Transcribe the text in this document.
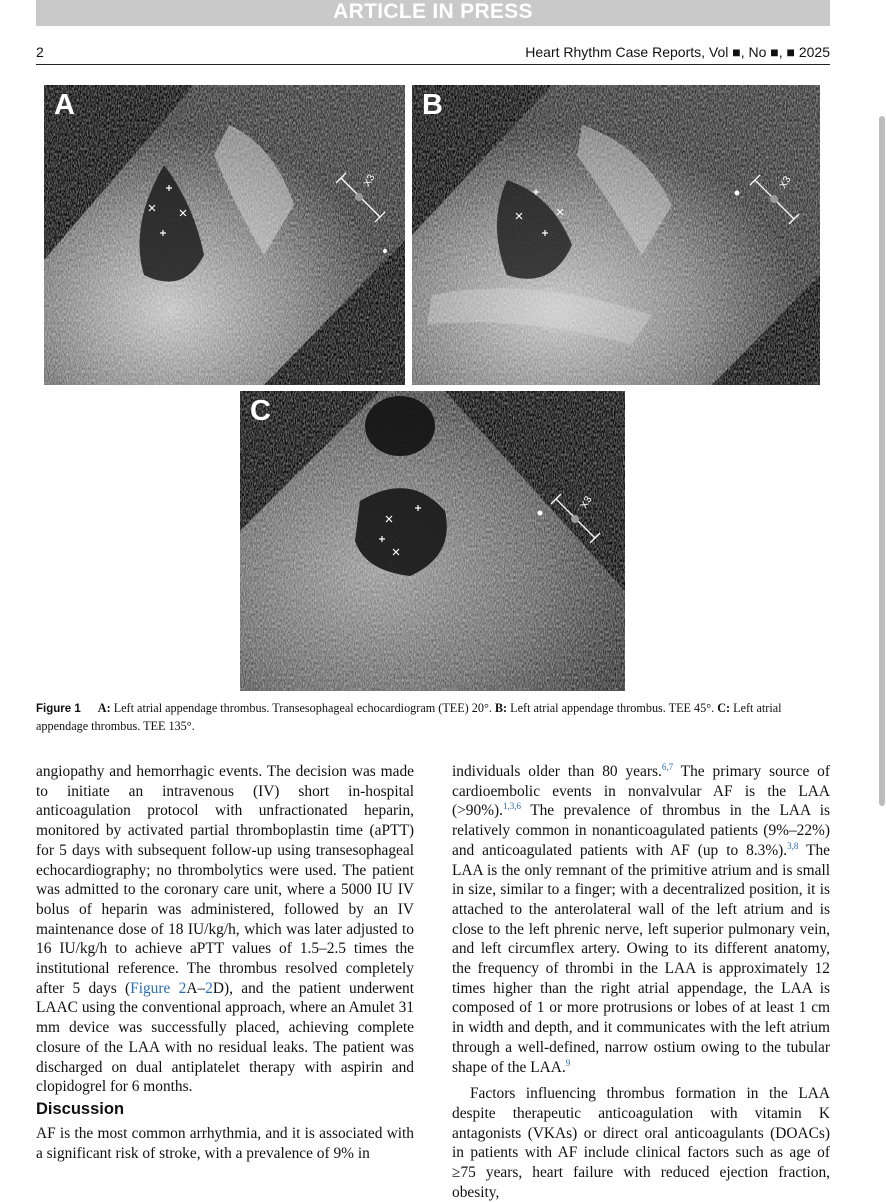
ARTICLE IN PRESS
2	Heart Rhythm Case Reports, Vol ■, No ■, ■ 2025
X3
A
X3
B
X3
C
Figure 1 A: Left atrial appendage thrombus. Transesophageal echocardiogram (TEE) 20°. B: Left atrial appendage thrombus. TEE 45°. C: Left atrial appendage thrombus. TEE 135°.

angiopathy and hemorrhagic events. The decision was made to initiate an intravenous (IV) short in-hospital anticoagulation protocol with unfractionated heparin, monitored by activated partial thromboplastin time (aPTT) for 5 days with subsequent follow-up using transesophageal echocardiography; no thrombolytics were used. The patient was admitted to the coronary care unit, where a 5000 IU IV bolus of heparin was administered, followed by an IV maintenance dose of 18 IU/kg/h, which was later adjusted to 16 IU/kg/h to achieve aPTT values of 1.5–2.5 times the institutional reference. The thrombus resolved completely after 5 days (Figure 2A–2D), and the patient underwent LAAC using the conventional approach, where an Amulet 31 mm device was successfully placed, achieving complete closure of the LAA with no residual leaks. The patient was discharged on dual antiplatelet therapy with aspirin and clopidogrel for 6 months.

Discussion
AF is the most common arrhythmia, and it is associated with a significant risk of stroke, with a prevalence of 9% in

individuals older than 80 years.$^{6,7}$ The primary source of cardioembolic events in nonvalvular AF is the LAA (>90%).$^{1,3,6}$ The prevalence of thrombus in the LAA is relatively common in nonanticoagulated patients (9%–22%) and anticoagulated patients with AF (up to 8.3%).$^{3,8}$ The LAA is the only remnant of the primitive atrium and is small in size, similar to a finger; with a decentralized position, it is attached to the anterolateral wall of the left atrium and is close to the left phrenic nerve, left superior pulmonary vein, and left circumflex artery. Owing to its different anatomy, the frequency of thrombi in the LAA is approximately 12 times higher than the right atrial appendage, the LAA is composed of 1 or more protrusions or lobes of at least 1 cm in width and depth, and it communicates with the left atrium through a well-defined, narrow ostium owing to the tubular shape of the LAA.$^9$

Factors influencing thrombus formation in the LAA despite therapeutic anticoagulation with vitamin K antagonists (VKAs) or direct oral anticoagulants (DOACs) in patients with AF include clinical factors such as age of ≥75 years, heart failure with reduced ejection fraction, obesity,
